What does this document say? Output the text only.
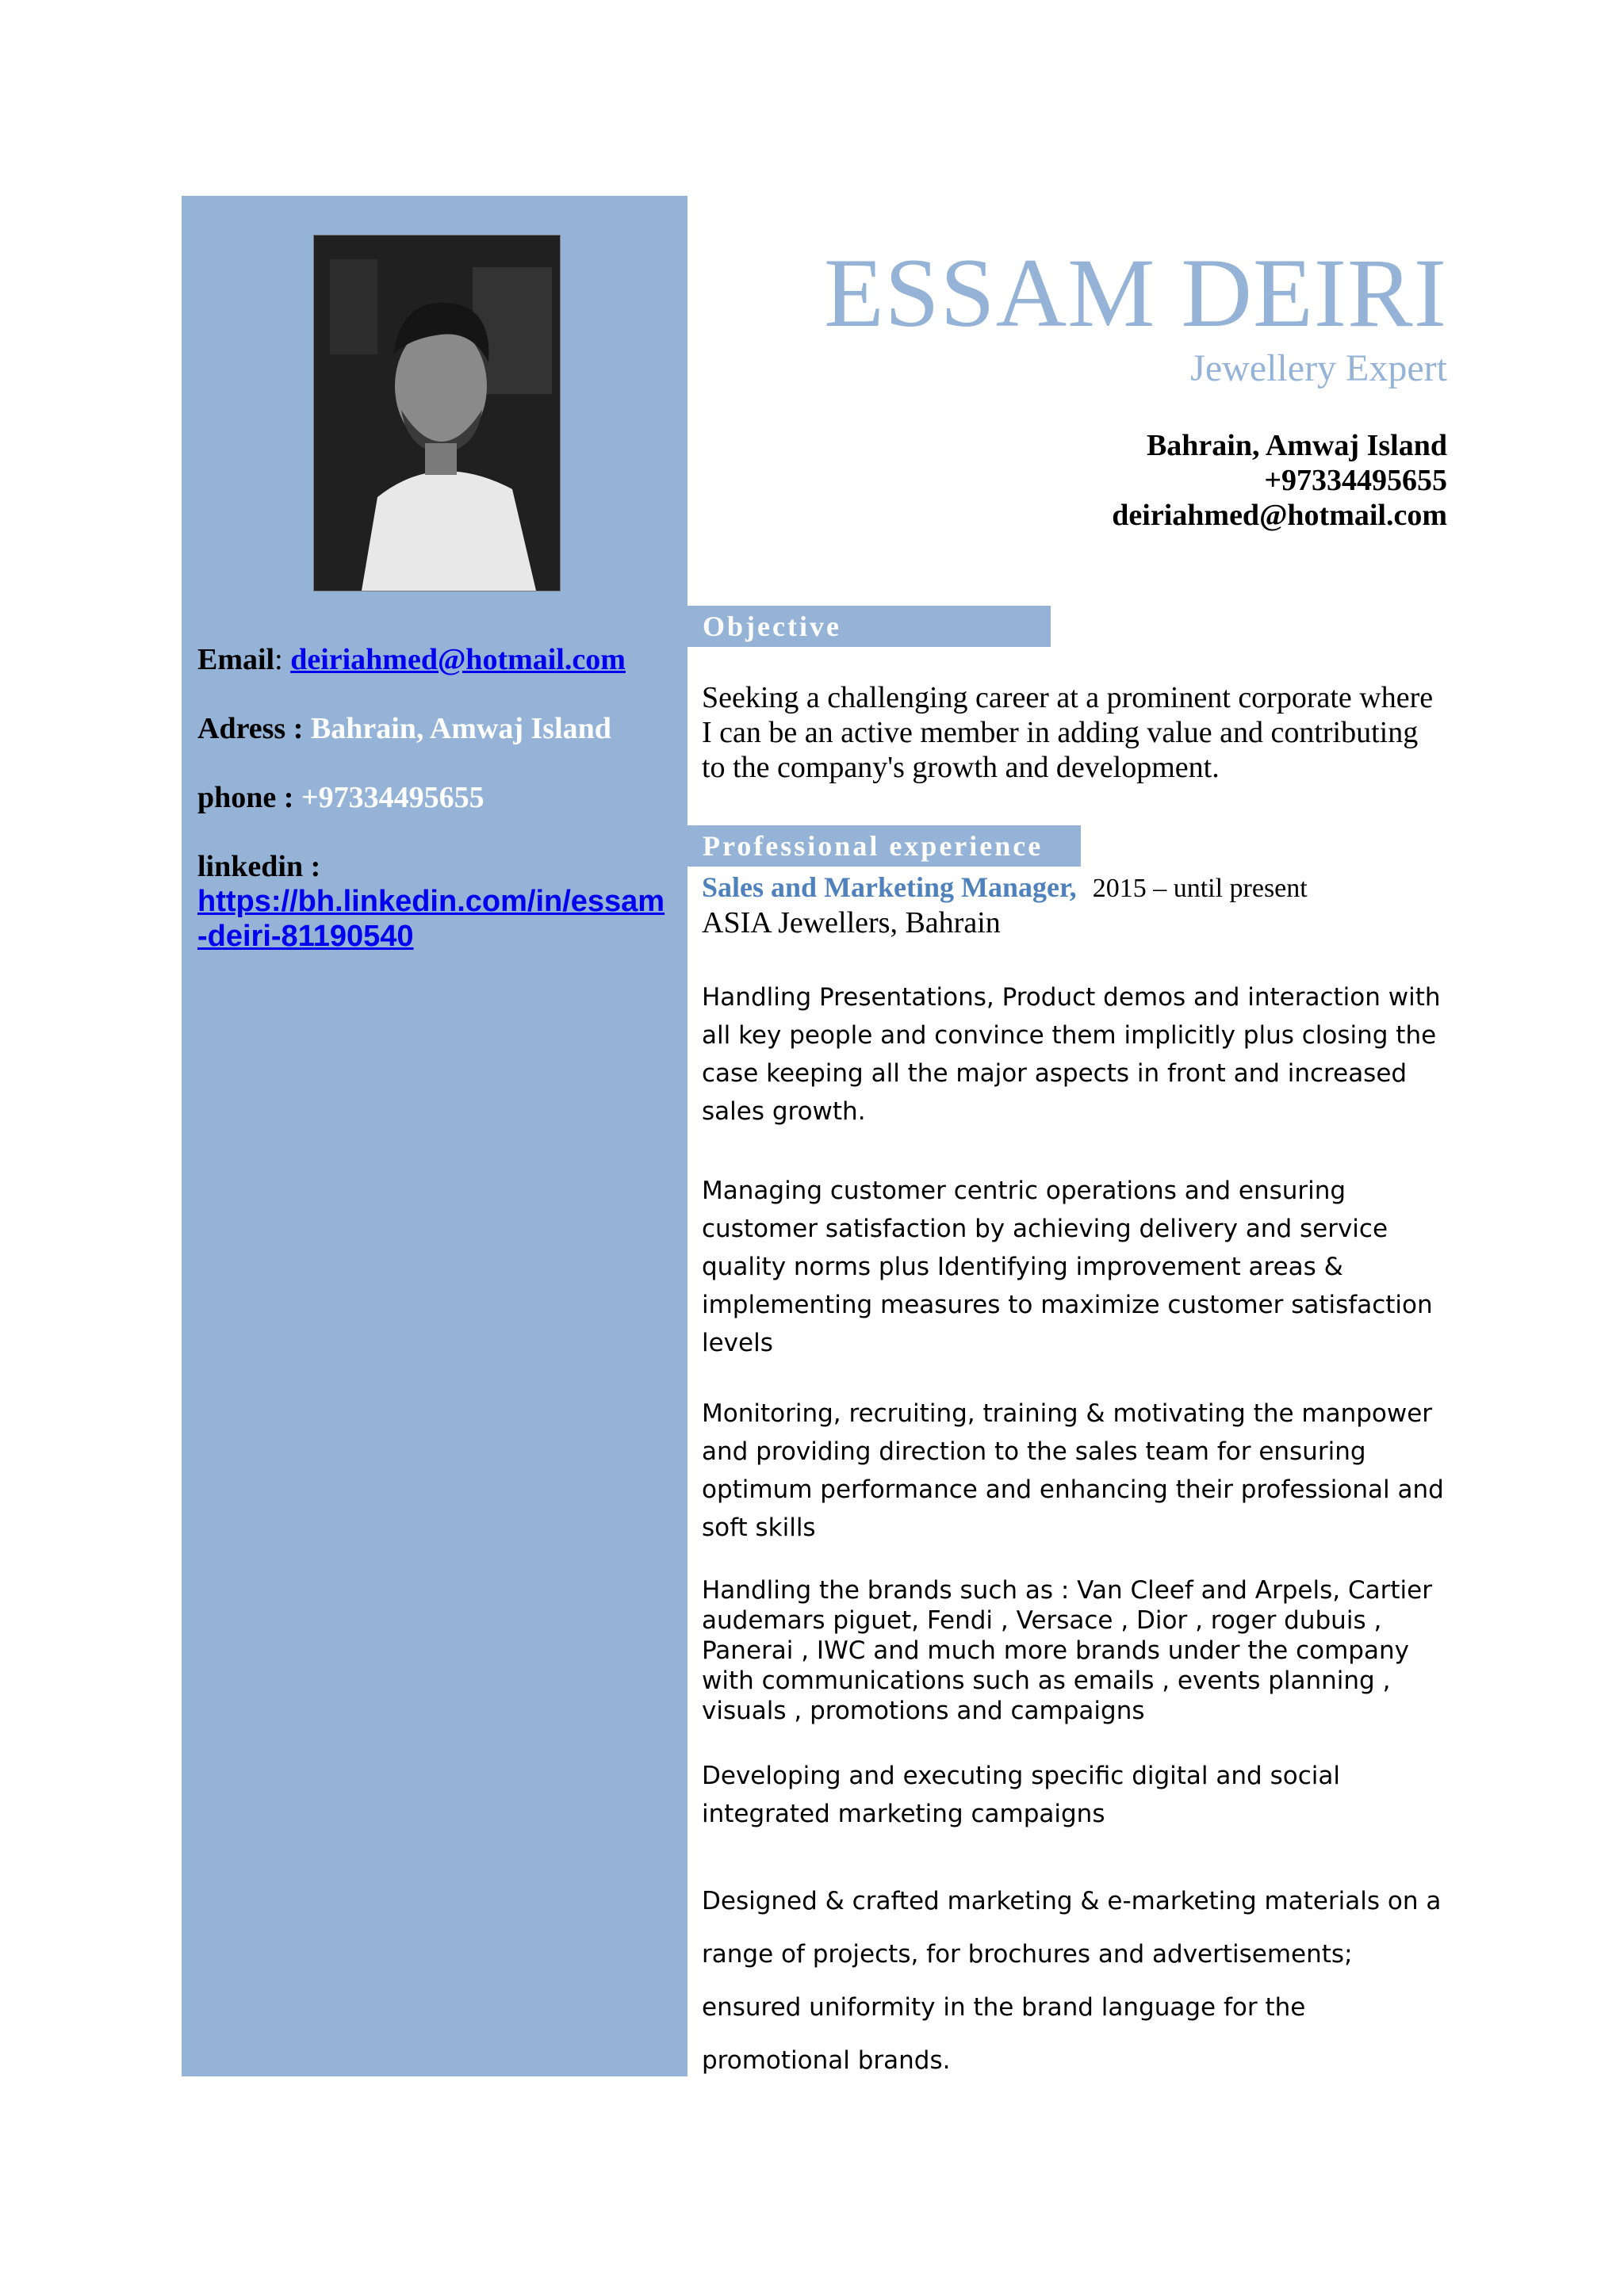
Email: deiriahmed@hotmail.com
Adress : Bahrain, Amwaj Island
phone : +97334495655
linkedin :
https://bh.linkedin.com/in/essam-deiri-81190540
ESSAM DEIRI
Jewellery Expert
Bahrain, Amwaj Island
+97334495655
deiriahmed@hotmail.com
Objective
Seeking a challenging career at a prominent corporate where I can be an active member in adding value and contributing to the company's growth and development.
Professional experience
Sales and Marketing Manager, 2015 – until present
ASIA Jewellers, Bahrain
Handling Presentations, Product demos and interaction with all key people and convince them implicitly plus closing the case keeping all the major aspects in front and increased sales growth.
Managing customer centric operations and ensuring customer satisfaction by achieving delivery and service quality norms plus Identifying improvement areas & implementing measures to maximize customer satisfaction levels
Monitoring, recruiting, training & motivating the manpower and providing direction to the sales team for ensuring optimum performance and enhancing their professional and soft skills
Handling the brands such as : Van Cleef and Arpels, Cartier audemars piguet, Fendi , Versace , Dior , roger dubuis , Panerai , IWC and much more brands under the company with communications such as emails , events planning , visuals , promotions and campaigns
Developing and executing specific digital and social integrated marketing campaigns
Designed & crafted marketing & e-marketing materials on a range of projects, for brochures and advertisements; ensured uniformity in the brand language for the promotional brands.
